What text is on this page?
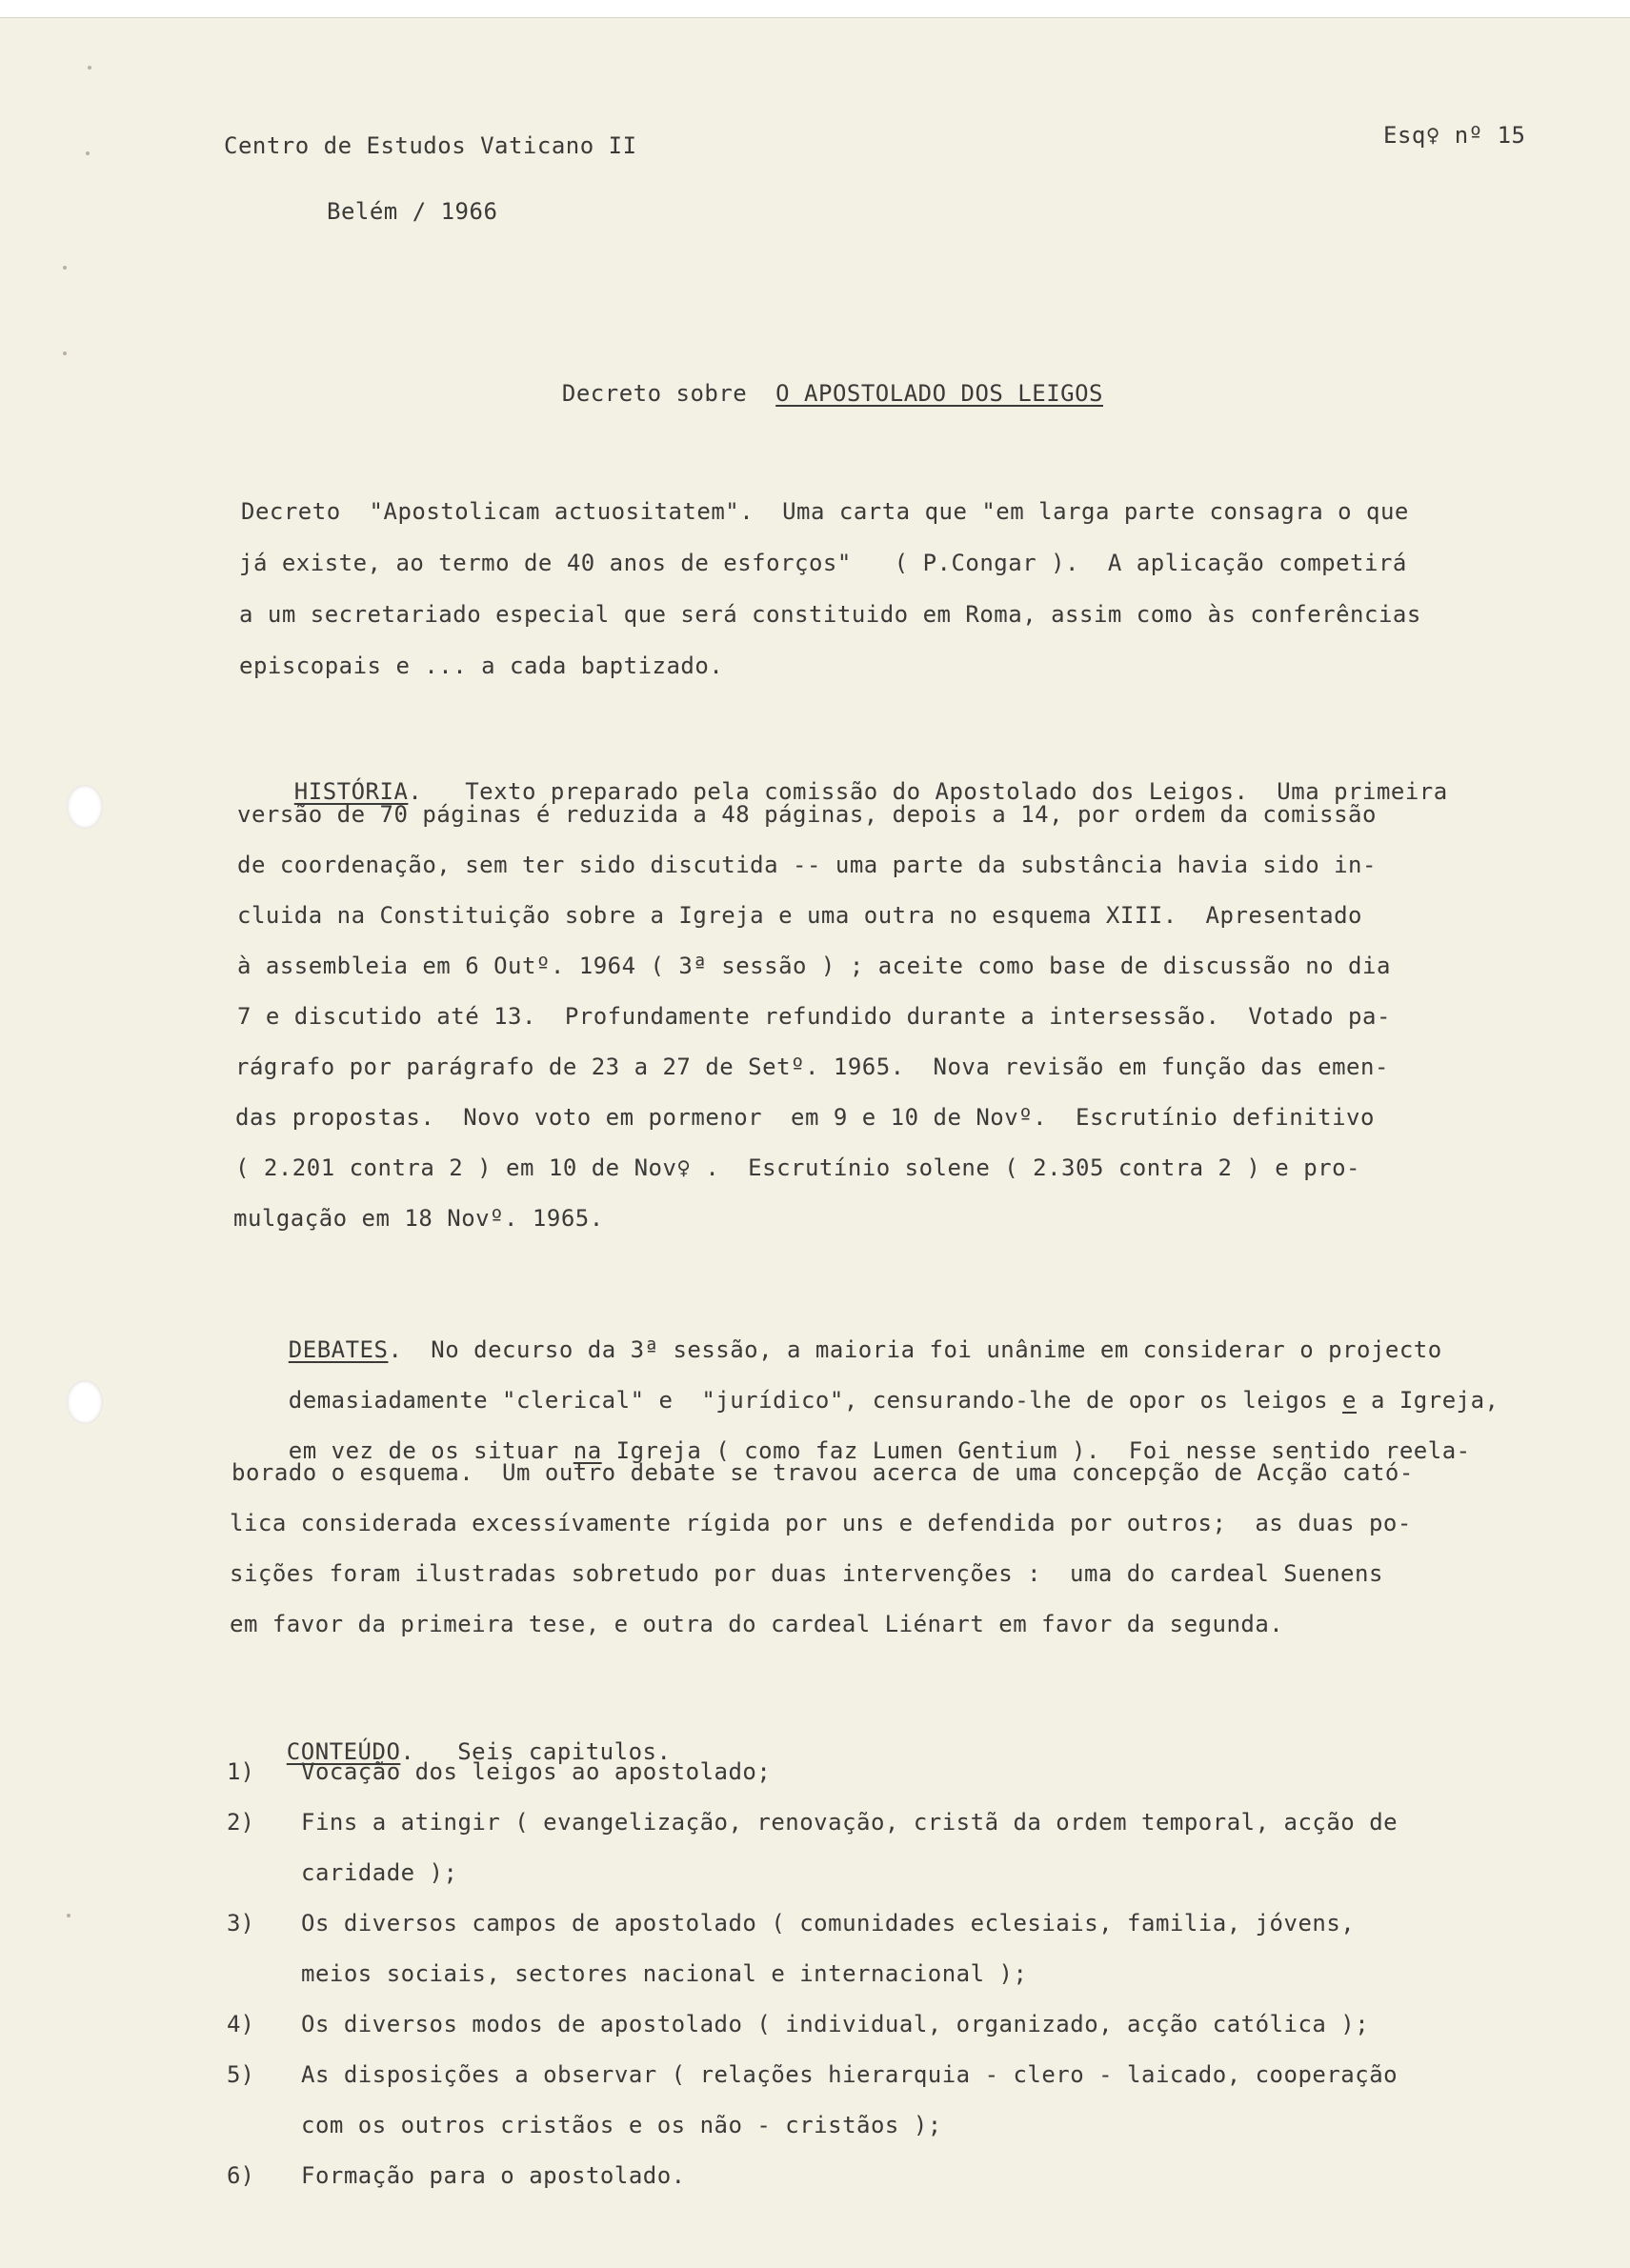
Centro de Estudos Vaticano II	Esq♀ nº 15
Belém / 1966

Decreto sobre O APOSTOLADO DOS LEIGOS

Decreto  "Apostolicam actuositatem".  Uma carta que "em larga parte consagra o que
já existe, ao termo de 40 anos de esforços"   ( P.Congar ).  A aplicação competirá
a um secretariado especial que será constituido em Roma, assim como às conferências
episcopais e ... a cada baptizado.

HISTÓRIA.   Texto preparado pela comissão do Apostolado dos Leigos.  Uma primeira

versão de 70 páginas é reduzida a 48 páginas, depois a 14, por ordem da comissão
de coordenação, sem ter sido discutida -- uma parte da substância havia sido in-
cluida na Constituição sobre a Igreja e uma outra no esquema XIII.  Apresentado
à assembleia em 6 Outº. 1964 ( 3ª sessão ) ; aceite como base de discussão no dia
7 e discutido até 13.  Profundamente refundido durante a intersessão.  Votado pa-
rágrafo por parágrafo de 23 a 27 de Setº. 1965.  Nova revisão em função das emen-
das propostas.  Novo voto em pormenor  em 9 e 10 de Novº.  Escrutínio definitivo
( 2.201 contra 2 ) em 10 de Nov♀ .  Escrutínio solene ( 2.305 contra 2 ) e pro-
mulgação em 18 Novº. 1965.

DEBATES.  No decurso da 3ª sessão, a maioria foi unânime em considerar o projecto

demasiadamente "clerical" e  "jurídico", censurando-lhe de opor os leigos e a Igreja,

em vez de os situar na Igreja ( como faz Lumen Gentium ).  Foi nesse sentido reela-

borado o esquema.  Um outro debate se travou acerca de uma concepção de Acção cató-
lica considerada excessívamente rígida por uns e defendida por outros;  as duas po-
sições foram ilustradas sobretudo por duas intervenções :  uma do cardeal Suenens
em favor da primeira tese, e outra do cardeal Liénart em favor da segunda.

CONTEÚDO.   Seis capitulos.

1) Vocação dos leigos ao apostolado;
2) Fins a atingir ( evangelização, renovação, cristã da ordem temporal, acção de
caridade );
3) Os diversos campos de apostolado ( comunidades eclesiais, familia, jóvens,
meios sociais, sectores nacional e internacional );
4) Os diversos modos de apostolado ( individual, organizado, acção católica );
5) As disposições a observar ( relações hierarquia - clero - laicado, cooperação
com os outros cristãos e os não - cristãos );
6) Formação para o apostolado.
